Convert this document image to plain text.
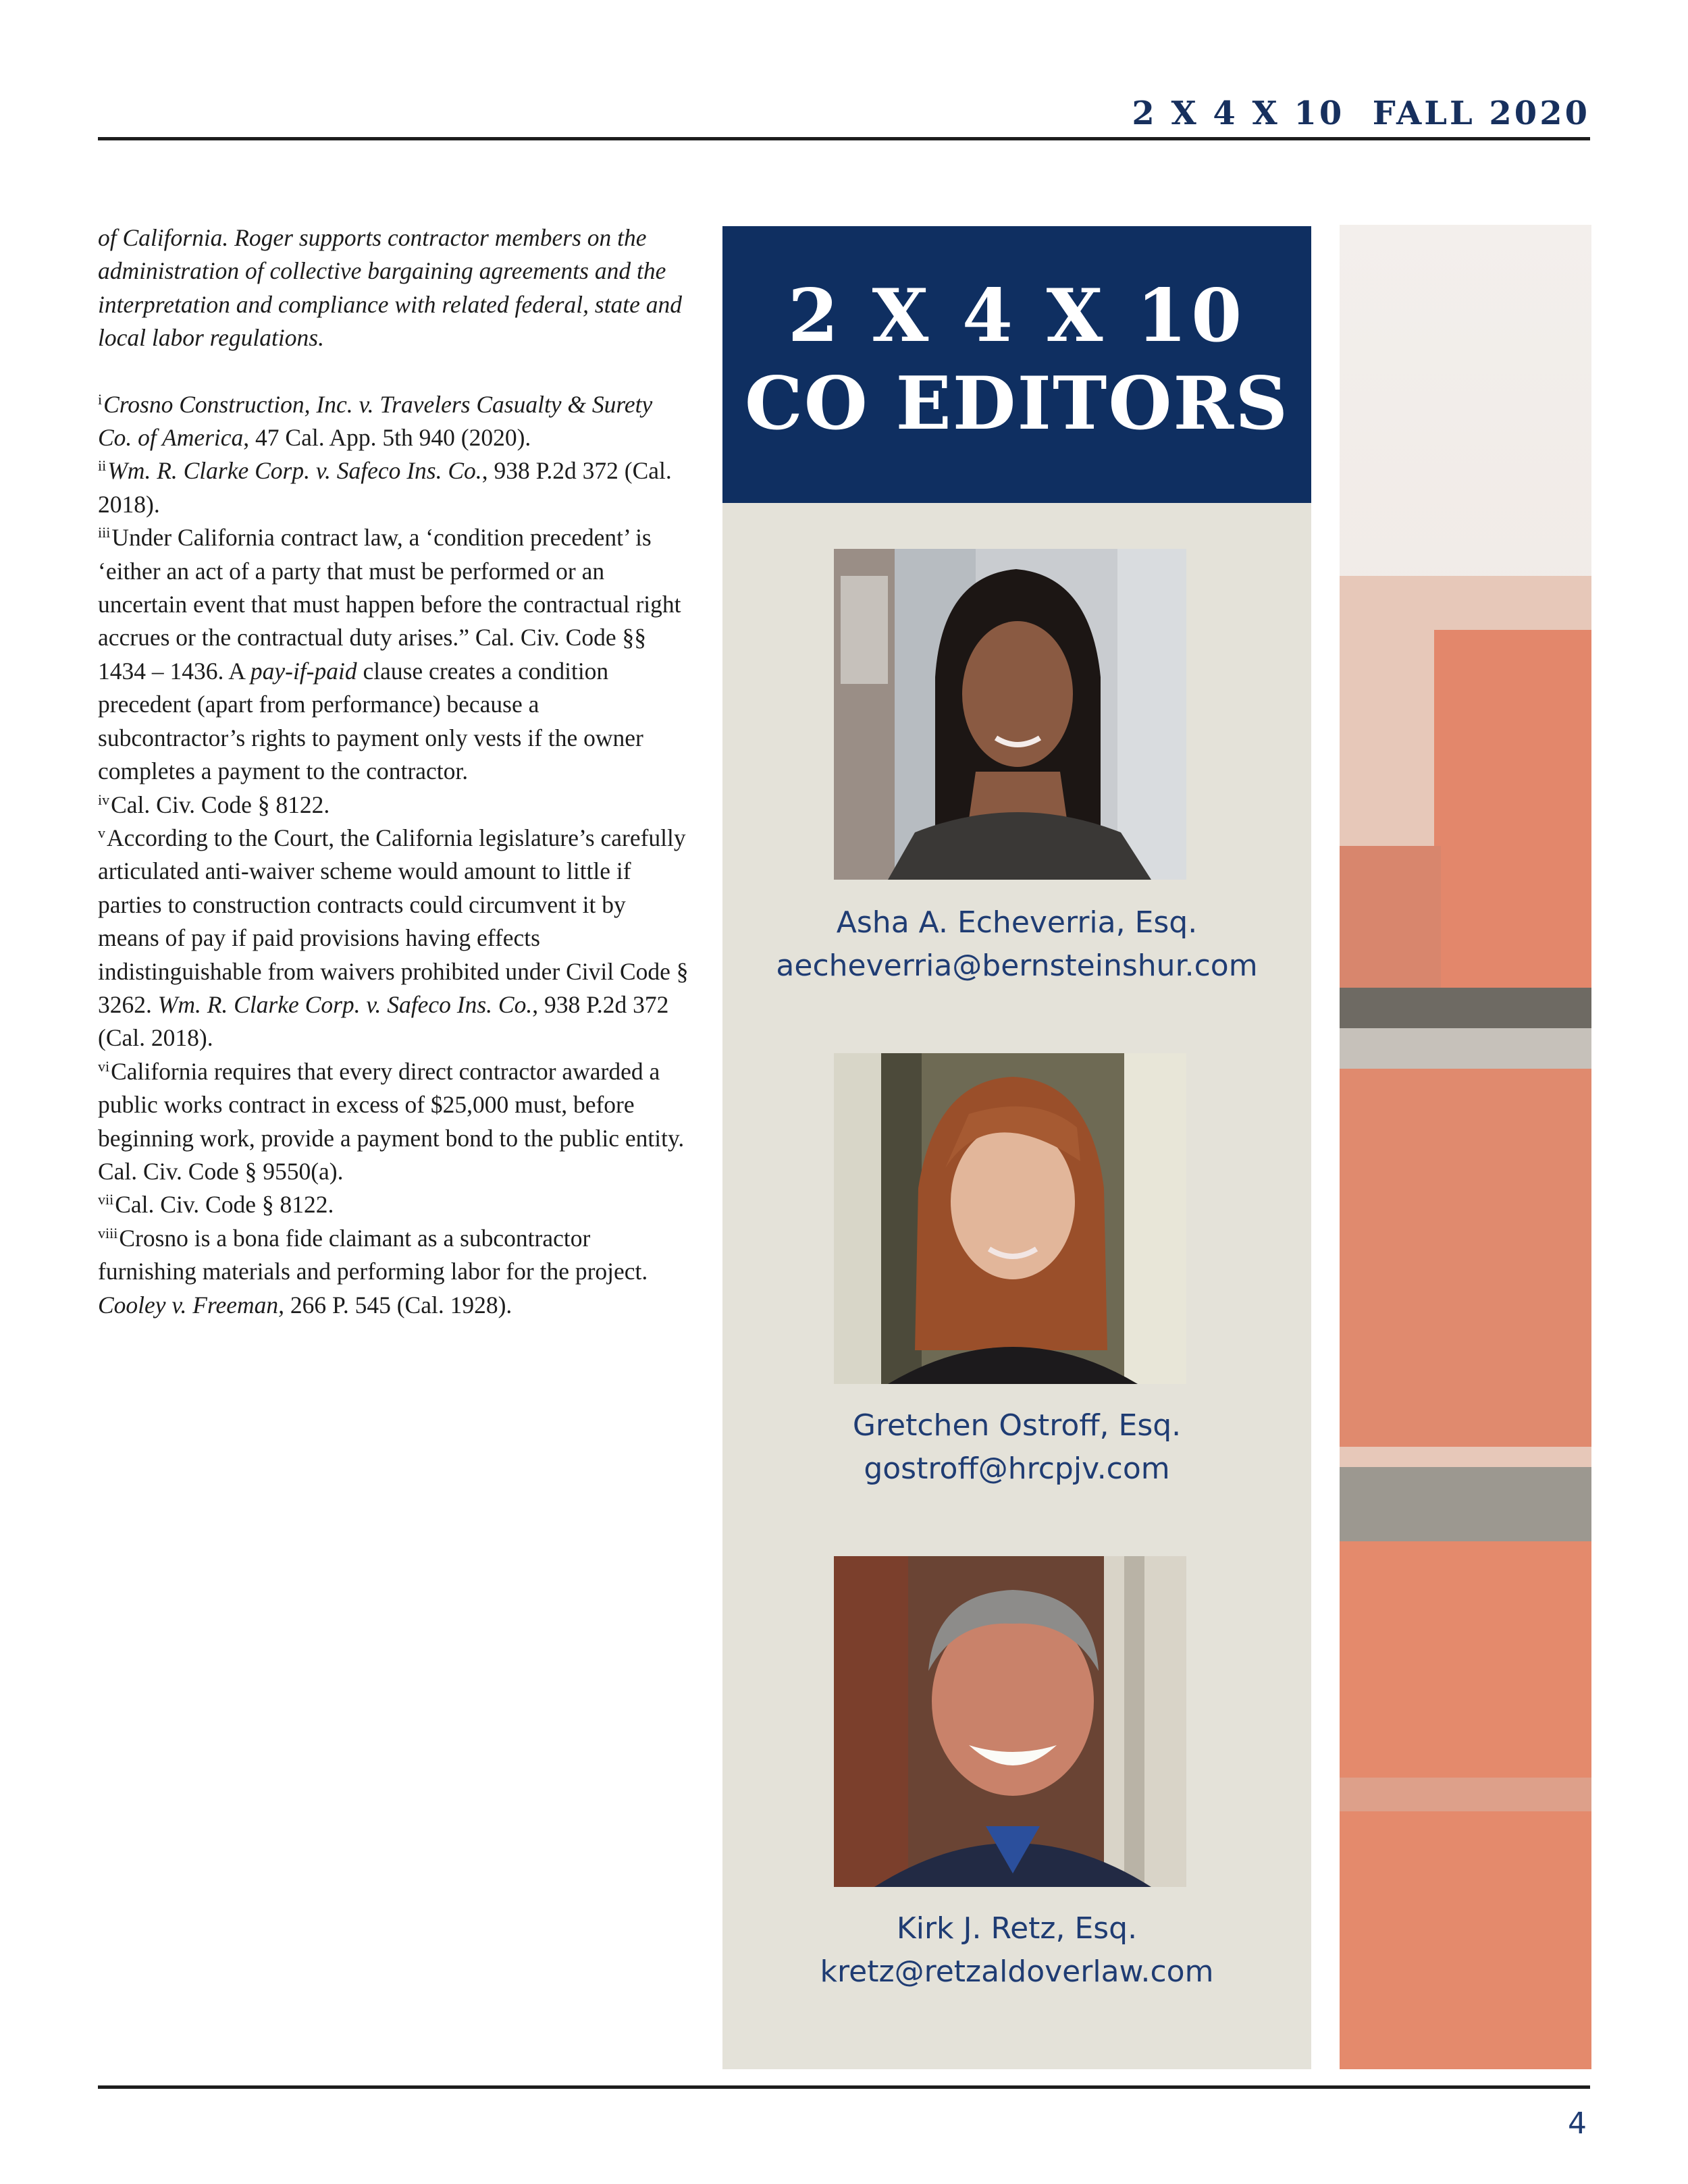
2 X 4 X 10  FALL 2020

of California. Roger supports contractor members on the administration of collective bargaining agreements and the interpretation and compliance with related federal, state and local labor regulations.

$^i$Crosno Construction, Inc. v. Travelers Casualty & Surety Co. of America, 47 Cal. App. 5th 940 (2020).

$^{ii}$Wm. R. Clarke Corp. v. Safeco Ins. Co., 938 P.2d 372 (Cal. 2018).

$^{iii}$Under California contract law, a ‘condition precedent’ is ‘either an act of a party that must be performed or an uncertain event that must happen before the contractual right accrues or the contractual duty arises.” Cal. Civ. Code §§ 1434 – 1436. A pay-if-paid clause creates a condition precedent (apart from performance) because a subcontractor’s rights to payment only vests if the owner completes a payment to the contractor.

$^{iv}$Cal. Civ. Code § 8122.

$^v$According to the Court, the California legislature’s carefully articulated anti-waiver scheme would amount to little if parties to construction contracts could circumvent it by means of pay if paid provisions having effects indistinguishable from waivers prohibited under Civil Code § 3262. Wm. R. Clarke Corp. v. Safeco Ins. Co., 938 P.2d 372 (Cal. 2018).

$^{vi}$California requires that every direct contractor awarded a public works contract in excess of $25,000 must, before beginning work, provide a payment bond to the public entity. Cal. Civ. Code § 9550(a).

$^{vii}$Cal. Civ. Code § 8122.

$^{viii}$Crosno is a bona fide claimant as a subcontractor furnishing materials and performing labor for the project. Cooley v. Freeman, 266 P. 545 (Cal. 1928).

2 X 4 X 10
CO EDITORS
Asha A. Echeverria, Esq.
aecheverria@bernsteinshur.com
Gretchen Ostroff, Esq.
gostroff@hrcpjv.com
Kirk J. Retz, Esq.
kretz@retzaldoverlaw.com
4
